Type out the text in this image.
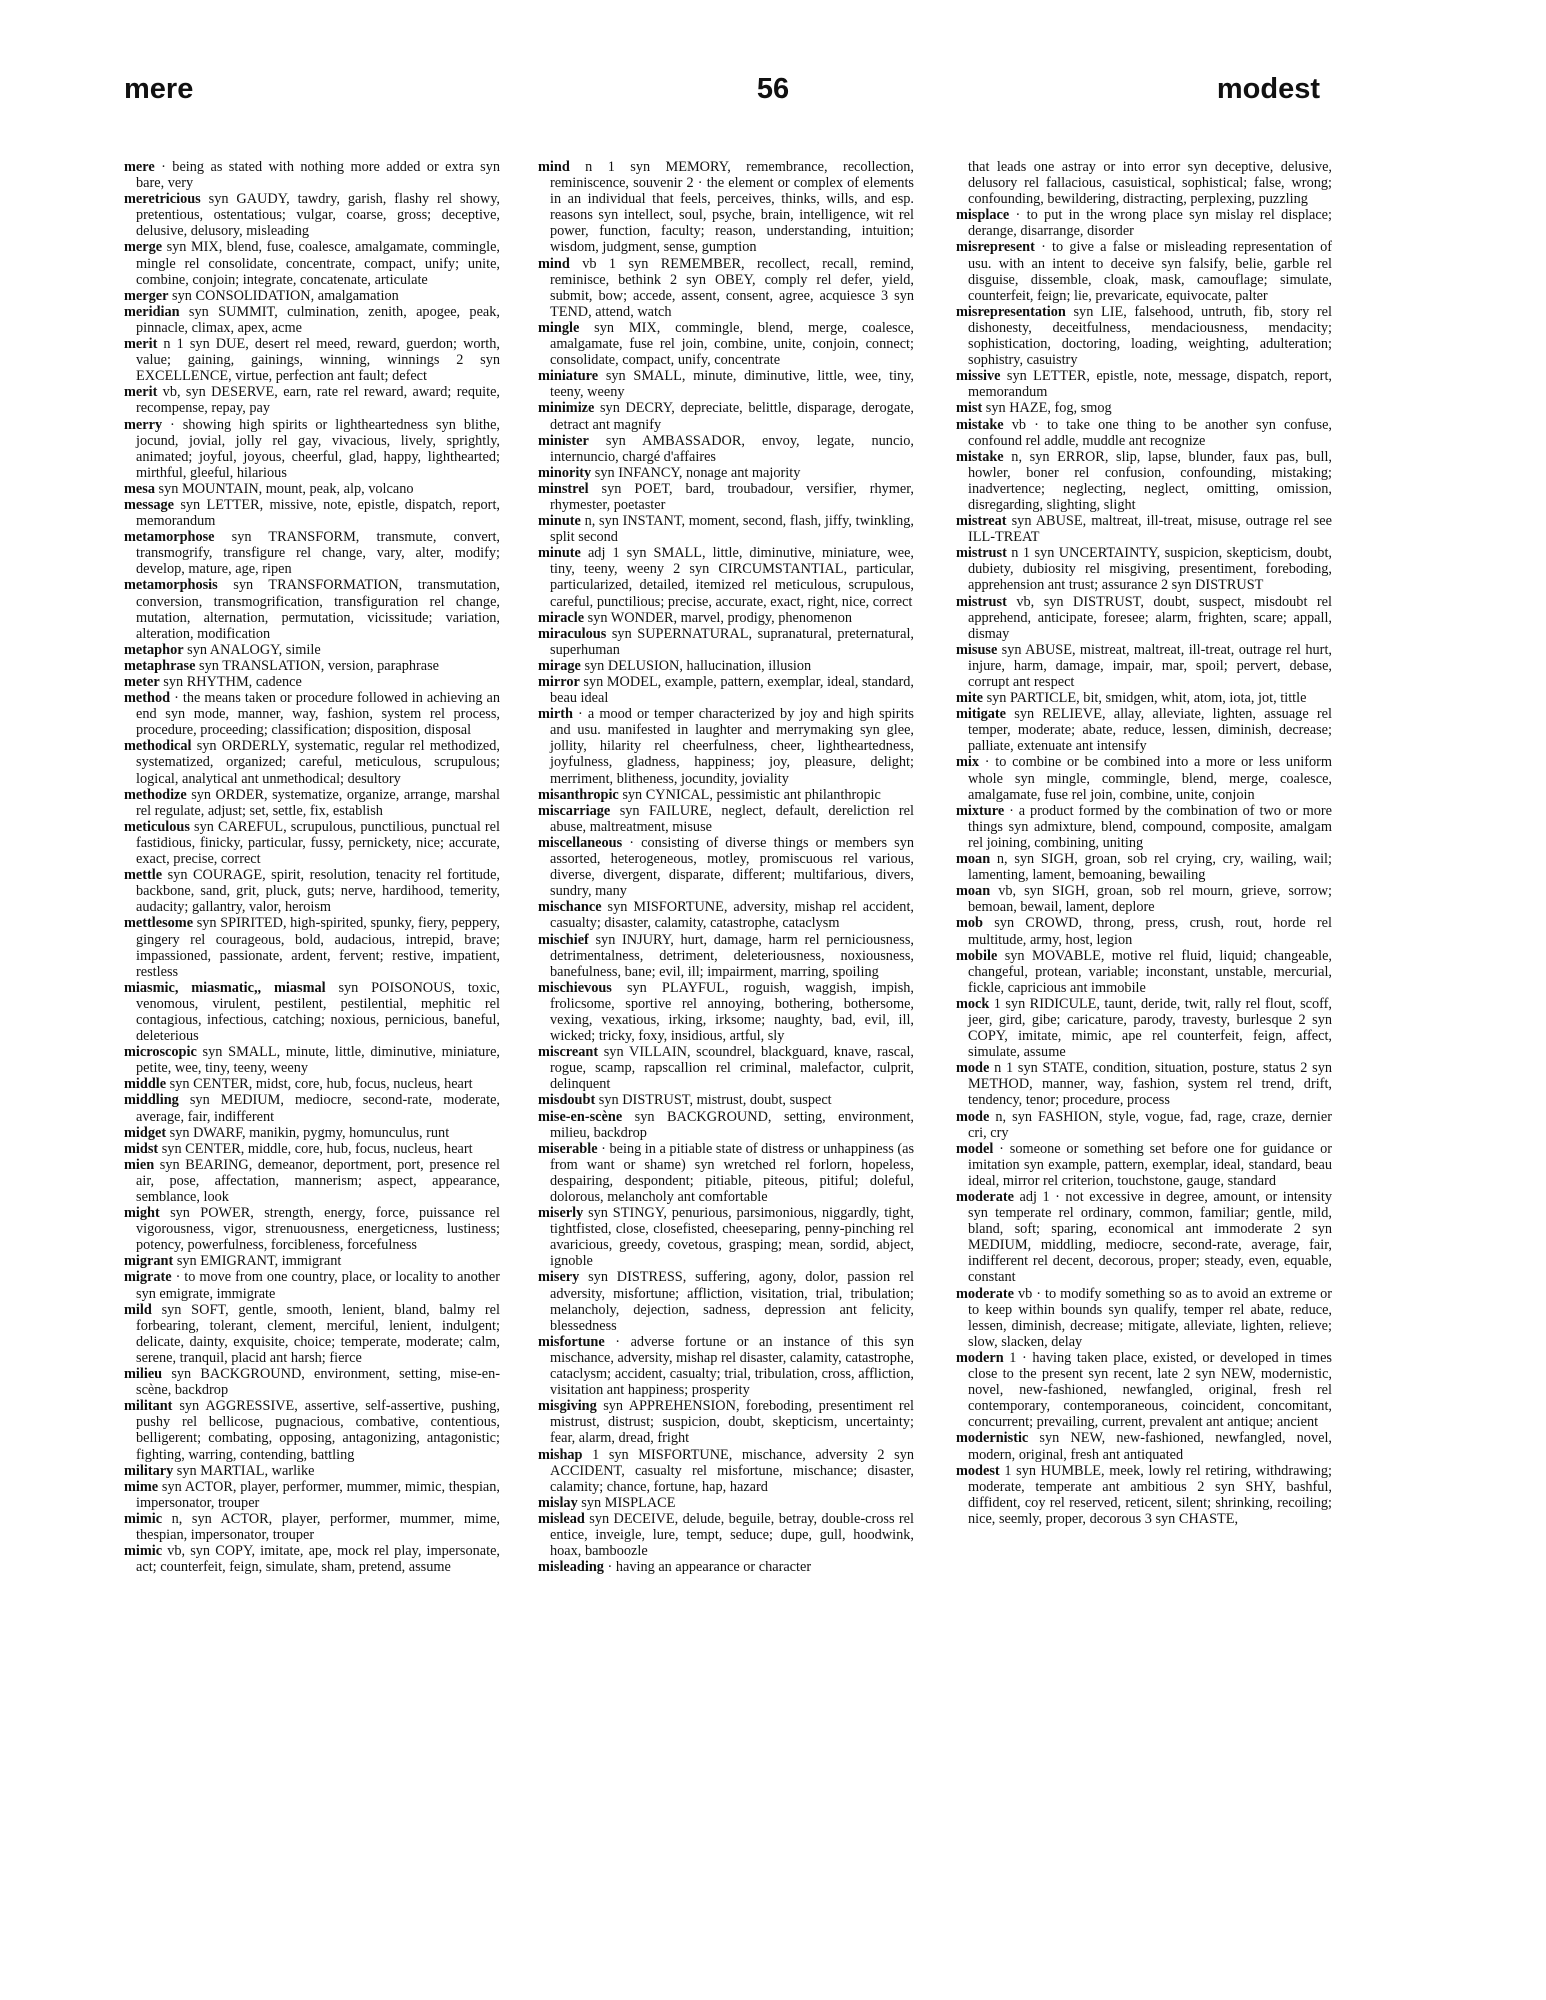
mere	56	modest

mere · being as stated with nothing more added or extra syn bare, very

meretricious syn GAUDY, tawdry, garish, flashy rel showy, pretentious, ostentatious; vulgar, coarse, gross; deceptive, delusive, delusory, misleading

merge syn MIX, blend, fuse, coalesce, amalgamate, commingle, mingle rel consolidate, concentrate, compact, unify; unite, combine, conjoin; integrate, concatenate, articulate

merger syn CONSOLIDATION, amalgamation

meridian syn SUMMIT, culmination, zenith, apogee, peak, pinnacle, climax, apex, acme

merit n 1 syn DUE, desert rel meed, reward, guerdon; worth, value; gaining, gainings, winning, winnings 2 syn EXCELLENCE, virtue, perfection ant fault; defect

merit vb, syn DESERVE, earn, rate rel reward, award; requite, recompense, repay, pay

merry · showing high spirits or lightheartedness syn blithe, jocund, jovial, jolly rel gay, vivacious, lively, sprightly, animated; joyful, joyous, cheerful, glad, happy, lighthearted; mirthful, gleeful, hilarious

mesa syn MOUNTAIN, mount, peak, alp, volcano

message syn LETTER, missive, note, epistle, dispatch, report, memorandum

metamorphose syn TRANSFORM, transmute, convert, transmogrify, transfigure rel change, vary, alter, modify; develop, mature, age, ripen

metamorphosis syn TRANSFORMATION, transmutation, conversion, transmogrification, transfiguration rel change, mutation, alternation, permutation, vicissitude; variation, alteration, modification

metaphor syn ANALOGY, simile

metaphrase syn TRANSLATION, version, paraphrase

meter syn RHYTHM, cadence

method · the means taken or procedure followed in achieving an end syn mode, manner, way, fashion, system rel process, procedure, proceeding; classification; disposition, disposal

methodical syn ORDERLY, systematic, regular rel methodized, systematized, organized; careful, meticulous, scrupulous; logical, analytical ant unmethodical; desultory

methodize syn ORDER, systematize, organize, arrange, marshal rel regulate, adjust; set, settle, fix, establish

meticulous syn CAREFUL, scrupulous, punctilious, punctual rel fastidious, finicky, particular, fussy, pernickety, nice; accurate, exact, precise, correct

mettle syn COURAGE, spirit, resolution, tenacity rel fortitude, backbone, sand, grit, pluck, guts; nerve, hardihood, temerity, audacity; gallantry, valor, heroism

mettlesome syn SPIRITED, high-spirited, spunky, fiery, peppery, gingery rel courageous, bold, audacious, intrepid, brave; impassioned, passionate, ardent, fervent; restive, impatient, restless

miasmic, miasmatic,, miasmal syn POISONOUS, toxic, venomous, virulent, pestilent, pestilential, mephitic rel contagious, infectious, catching; noxious, pernicious, baneful, deleterious

microscopic syn SMALL, minute, little, diminutive, miniature, petite, wee, tiny, teeny, weeny

middle syn CENTER, midst, core, hub, focus, nucleus, heart

middling syn MEDIUM, mediocre, second-rate, moderate, average, fair, indifferent

midget syn DWARF, manikin, pygmy, homunculus, runt

midst syn CENTER, middle, core, hub, focus, nucleus, heart

mien syn BEARING, demeanor, deportment, port, presence rel air, pose, affectation, mannerism; aspect, appearance, semblance, look

might syn POWER, strength, energy, force, puissance rel vigorousness, vigor, strenuousness, energeticness, lustiness; potency, powerfulness, forcibleness, forcefulness

migrant syn EMIGRANT, immigrant

migrate · to move from one country, place, or locality to another syn emigrate, immigrate

mild syn SOFT, gentle, smooth, lenient, bland, balmy rel forbearing, tolerant, clement, merciful, lenient, indulgent; delicate, dainty, exquisite, choice; temperate, moderate; calm, serene, tranquil, placid ant harsh; fierce

milieu syn BACKGROUND, environment, setting, mise-en-scène, backdrop

militant syn AGGRESSIVE, assertive, self-assertive, pushing, pushy rel bellicose, pugnacious, combative, contentious, belligerent; combating, opposing, antagonizing, antagonistic; fighting, warring, contending, battling

military syn MARTIAL, warlike

mime syn ACTOR, player, performer, mummer, mimic, thespian, impersonator, trouper

mimic n, syn ACTOR, player, performer, mummer, mime, thespian, impersonator, trouper

mimic vb, syn COPY, imitate, ape, mock rel play, impersonate, act; counterfeit, feign, simulate, sham, pretend, assume

mind n 1 syn MEMORY, remembrance, recollection, reminiscence, souvenir 2 · the element or complex of elements in an individual that feels, perceives, thinks, wills, and esp. reasons syn intellect, soul, psyche, brain, intelligence, wit rel power, function, faculty; reason, understanding, intuition; wisdom, judgment, sense, gumption

mind vb 1 syn REMEMBER, recollect, recall, remind, reminisce, bethink 2 syn OBEY, comply rel defer, yield, submit, bow; accede, assent, consent, agree, acquiesce 3 syn TEND, attend, watch

mingle syn MIX, commingle, blend, merge, coalesce, amalgamate, fuse rel join, combine, unite, conjoin, connect; consolidate, compact, unify, concentrate

miniature syn SMALL, minute, diminutive, little, wee, tiny, teeny, weeny

minimize syn DECRY, depreciate, belittle, disparage, derogate, detract ant magnify

minister syn AMBASSADOR, envoy, legate, nuncio, internuncio, chargé d'affaires

minority syn INFANCY, nonage ant majority

minstrel syn POET, bard, troubadour, versifier, rhymer, rhymester, poetaster

minute n, syn INSTANT, moment, second, flash, jiffy, twinkling, split second

minute adj 1 syn SMALL, little, diminutive, miniature, wee, tiny, teeny, weeny 2 syn CIRCUMSTANTIAL, particular, particularized, detailed, itemized rel meticulous, scrupulous, careful, punctilious; precise, accurate, exact, right, nice, correct

miracle syn WONDER, marvel, prodigy, phenomenon

miraculous syn SUPERNATURAL, supranatural, preternatural, superhuman

mirage syn DELUSION, hallucination, illusion

mirror syn MODEL, example, pattern, exemplar, ideal, standard, beau ideal

mirth · a mood or temper characterized by joy and high spirits and usu. manifested in laughter and merrymaking syn glee, jollity, hilarity rel cheerfulness, cheer, lightheartedness, joyfulness, gladness, happiness; joy, pleasure, delight; merriment, blitheness, jocundity, joviality

misanthropic syn CYNICAL, pessimistic ant philanthropic

miscarriage syn FAILURE, neglect, default, dereliction rel abuse, maltreatment, misuse

miscellaneous · consisting of diverse things or members syn assorted, heterogeneous, motley, promiscuous rel various, diverse, divergent, disparate, different; multifarious, divers, sundry, many

mischance syn MISFORTUNE, adversity, mishap rel accident, casualty; disaster, calamity, catastrophe, cataclysm

mischief syn INJURY, hurt, damage, harm rel perniciousness, detrimentalness, detriment, deleteriousness, noxiousness, banefulness, bane; evil, ill; impairment, marring, spoiling

mischievous syn PLAYFUL, roguish, waggish, impish, frolicsome, sportive rel annoying, bothering, bothersome, vexing, vexatious, irking, irksome; naughty, bad, evil, ill, wicked; tricky, foxy, insidious, artful, sly

miscreant syn VILLAIN, scoundrel, blackguard, knave, rascal, rogue, scamp, rapscallion rel criminal, malefactor, culprit, delinquent

misdoubt syn DISTRUST, mistrust, doubt, suspect

mise-en-scène syn BACKGROUND, setting, environment, milieu, backdrop

miserable · being in a pitiable state of distress or unhappiness (as from want or shame) syn wretched rel forlorn, hopeless, despairing, despondent; pitiable, piteous, pitiful; doleful, dolorous, melancholy ant comfortable

miserly syn STINGY, penurious, parsimonious, niggardly, tight, tightfisted, close, closefisted, cheeseparing, penny-pinching rel avaricious, greedy, covetous, grasping; mean, sordid, abject, ignoble

misery syn DISTRESS, suffering, agony, dolor, passion rel adversity, misfortune; affliction, visitation, trial, tribulation; melancholy, dejection, sadness, depression ant felicity, blessedness

misfortune · adverse fortune or an instance of this syn mischance, adversity, mishap rel disaster, calamity, catastrophe, cataclysm; accident, casualty; trial, tribulation, cross, affliction, visitation ant happiness; prosperity

misgiving syn APPREHENSION, foreboding, presentiment rel mistrust, distrust; suspicion, doubt, skepticism, uncertainty; fear, alarm, dread, fright

mishap 1 syn MISFORTUNE, mischance, adversity 2 syn ACCIDENT, casualty rel misfortune, mischance; disaster, calamity; chance, fortune, hap, hazard

mislay syn MISPLACE

mislead syn DECEIVE, delude, beguile, betray, double-cross rel entice, inveigle, lure, tempt, seduce; dupe, gull, hoodwink, hoax, bamboozle

misleading · having an appearance or character

that leads one astray or into error syn deceptive, delusive, delusory rel fallacious, casuistical, sophistical; false, wrong; confounding, bewildering, distracting, perplexing, puzzling

misplace · to put in the wrong place syn mislay rel displace; derange, disarrange, disorder

misrepresent · to give a false or misleading representation of usu. with an intent to deceive syn falsify, belie, garble rel disguise, dissemble, cloak, mask, camouflage; simulate, counterfeit, feign; lie, prevaricate, equivocate, palter

misrepresentation syn LIE, falsehood, untruth, fib, story rel dishonesty, deceitfulness, mendaciousness, mendacity; sophistication, doctoring, loading, weighting, adulteration; sophistry, casuistry

missive syn LETTER, epistle, note, message, dispatch, report, memorandum

mist syn HAZE, fog, smog

mistake vb · to take one thing to be another syn confuse, confound rel addle, muddle ant recognize

mistake n, syn ERROR, slip, lapse, blunder, faux pas, bull, howler, boner rel confusion, confounding, mistaking; inadvertence; neglecting, neglect, omitting, omission, disregarding, slighting, slight

mistreat syn ABUSE, maltreat, ill-treat, misuse, outrage rel see ILL-TREAT

mistrust n 1 syn UNCERTAINTY, suspicion, skepticism, doubt, dubiety, dubiosity rel misgiving, presentiment, foreboding, apprehension ant trust; assurance 2 syn DISTRUST

mistrust vb, syn DISTRUST, doubt, suspect, misdoubt rel apprehend, anticipate, foresee; alarm, frighten, scare; appall, dismay

misuse syn ABUSE, mistreat, maltreat, ill-treat, outrage rel hurt, injure, harm, damage, impair, mar, spoil; pervert, debase, corrupt ant respect

mite syn PARTICLE, bit, smidgen, whit, atom, iota, jot, tittle

mitigate syn RELIEVE, allay, alleviate, lighten, assuage rel temper, moderate; abate, reduce, lessen, diminish, decrease; palliate, extenuate ant intensify

mix · to combine or be combined into a more or less uniform whole syn mingle, commingle, blend, merge, coalesce, amalgamate, fuse rel join, combine, unite, conjoin

mixture · a product formed by the combination of two or more things syn admixture, blend, compound, composite, amalgam rel joining, combining, uniting

moan n, syn SIGH, groan, sob rel crying, cry, wailing, wail; lamenting, lament, bemoaning, bewailing

moan vb, syn SIGH, groan, sob rel mourn, grieve, sorrow; bemoan, bewail, lament, deplore

mob syn CROWD, throng, press, crush, rout, horde rel multitude, army, host, legion

mobile syn MOVABLE, motive rel fluid, liquid; changeable, changeful, protean, variable; inconstant, unstable, mercurial, fickle, capricious ant immobile

mock 1 syn RIDICULE, taunt, deride, twit, rally rel flout, scoff, jeer, gird, gibe; caricature, parody, travesty, burlesque 2 syn COPY, imitate, mimic, ape rel counterfeit, feign, affect, simulate, assume

mode n 1 syn STATE, condition, situation, posture, status 2 syn METHOD, manner, way, fashion, system rel trend, drift, tendency, tenor; procedure, process

mode n, syn FASHION, style, vogue, fad, rage, craze, dernier cri, cry

model · someone or something set before one for guidance or imitation syn example, pattern, exemplar, ideal, standard, beau ideal, mirror rel criterion, touchstone, gauge, standard

moderate adj 1 · not excessive in degree, amount, or intensity syn temperate rel ordinary, common, familiar; gentle, mild, bland, soft; sparing, economical ant immoderate 2 syn MEDIUM, middling, mediocre, second-rate, average, fair, indifferent rel decent, decorous, proper; steady, even, equable, constant

moderate vb · to modify something so as to avoid an extreme or to keep within bounds syn qualify, temper rel abate, reduce, lessen, diminish, decrease; mitigate, alleviate, lighten, relieve; slow, slacken, delay

modern 1 · having taken place, existed, or developed in times close to the present syn recent, late 2 syn NEW, modernistic, novel, new-fashioned, newfangled, original, fresh rel contemporary, contemporaneous, coincident, concomitant, concurrent; prevailing, current, prevalent ant antique; ancient

modernistic syn NEW, new-fashioned, newfangled, novel, modern, original, fresh ant antiquated

modest 1 syn HUMBLE, meek, lowly rel retiring, withdrawing; moderate, temperate ant ambitious 2 syn SHY, bashful, diffident, coy rel reserved, reticent, silent; shrinking, recoiling; nice, seemly, proper, decorous 3 syn CHASTE,
